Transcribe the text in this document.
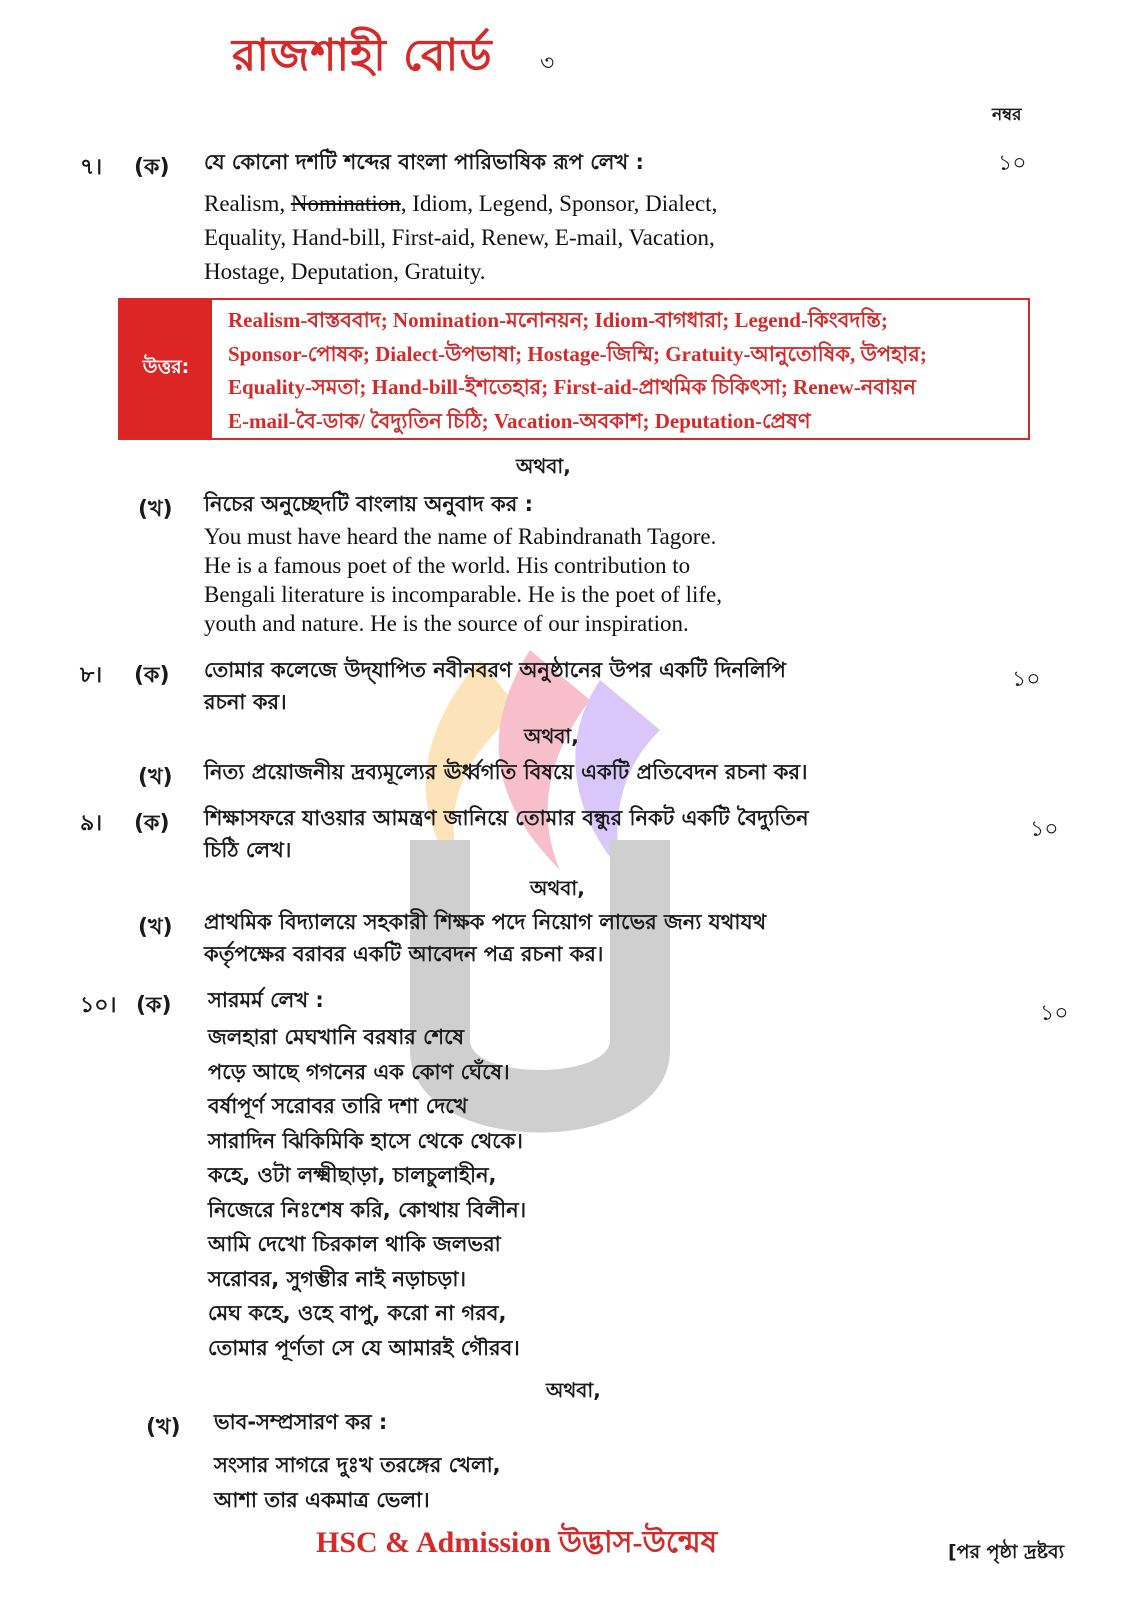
রাজশাহী বোর্ড ৩
নম্বর
৭। (ক) যে কোনো দশটি শব্দের বাংলা পারিভাষিক রূপ লেখ :	১০
Realism, Nomination, Idiom, Legend, Sponsor, Dialect,
Equality, Hand-bill, First-aid, Renew, E-mail, Vacation,
Hostage, Deputation, Gratuity.
উত্তর:
Realism-বাস্তববাদ; Nomination-মনোনয়ন; Idiom-বাগধারা; Legend-কিংবদন্তি;
Sponsor-পোষক; Dialect-উপভাষা; Hostage-জিম্মি; Gratuity-আনুতোষিক, উপহার;
Equality-সমতা; Hand-bill-ইশতেহার; First-aid-প্রাথমিক চিকিৎসা; Renew-নবায়ন
E-mail-বৈ-ডাক/ বৈদ্যুতিন চিঠি; Vacation-অবকাশ; Deputation-প্রেষণ
অথবা,
(খ) নিচের অনুচ্ছেদটি বাংলায় অনুবাদ কর :
You must have heard the name of Rabindranath Tagore.
He is a famous poet of the world. His contribution to
Bengali literature is incomparable. He is the poet of life,
youth and nature. He is the source of our inspiration.
৮। (ক) তোমার কলেজে উদ্‌যাপিত নবীনবরণ অনুষ্ঠানের উপর একটি দিনলিপি
রচনা কর।
১০
অথবা,
(খ) নিত্য প্রয়োজনীয় দ্রব্যমূল্যের ঊর্ধ্বগতি বিষয়ে একটি প্রতিবেদন রচনা কর।
৯। (ক) শিক্ষাসফরে যাওয়ার আমন্ত্রণ জানিয়ে তোমার বন্ধুর নিকট একটি বৈদ্যুতিন
চিঠি লেখ।
১০
অথবা,
(খ) প্রাথমিক বিদ্যালয়ে সহকারী শিক্ষক পদে নিয়োগ লাভের জন্য যথাযথ
কর্তৃপক্ষের বরাবর একটি আবেদন পত্র রচনা কর।
১০। (ক) সারমর্ম লেখ :
১০
জলহারা মেঘখানি বরষার শেষে
পড়ে আছে গগনের এক কোণ ঘেঁষে।
বর্ষাপূর্ণ সরোবর তারি দশা দেখে
সারাদিন ঝিকিমিকি হাসে থেকে থেকে।
কহে, ওটা লক্ষ্মীছাড়া, চালচুলাহীন,
নিজেরে নিঃশেষ করি, কোথায় বিলীন।
আমি দেখো চিরকাল থাকি জলভরা
সরোবর, সুগম্ভীর নাই নড়াচড়া।
মেঘ কহে, ওহে বাপু, করো না গরব,
তোমার পূর্ণতা সে যে আমারই গৌরব।
অথবা,
(খ) ভাব-সম্প্রসারণ কর :
সংসার সাগরে দুঃখ তরঙ্গের খেলা,
আশা তার একমাত্র ভেলা।
HSC & Admission উদ্ভাস-উন্মেষ	[পর পৃষ্ঠা দ্রষ্টব্য
